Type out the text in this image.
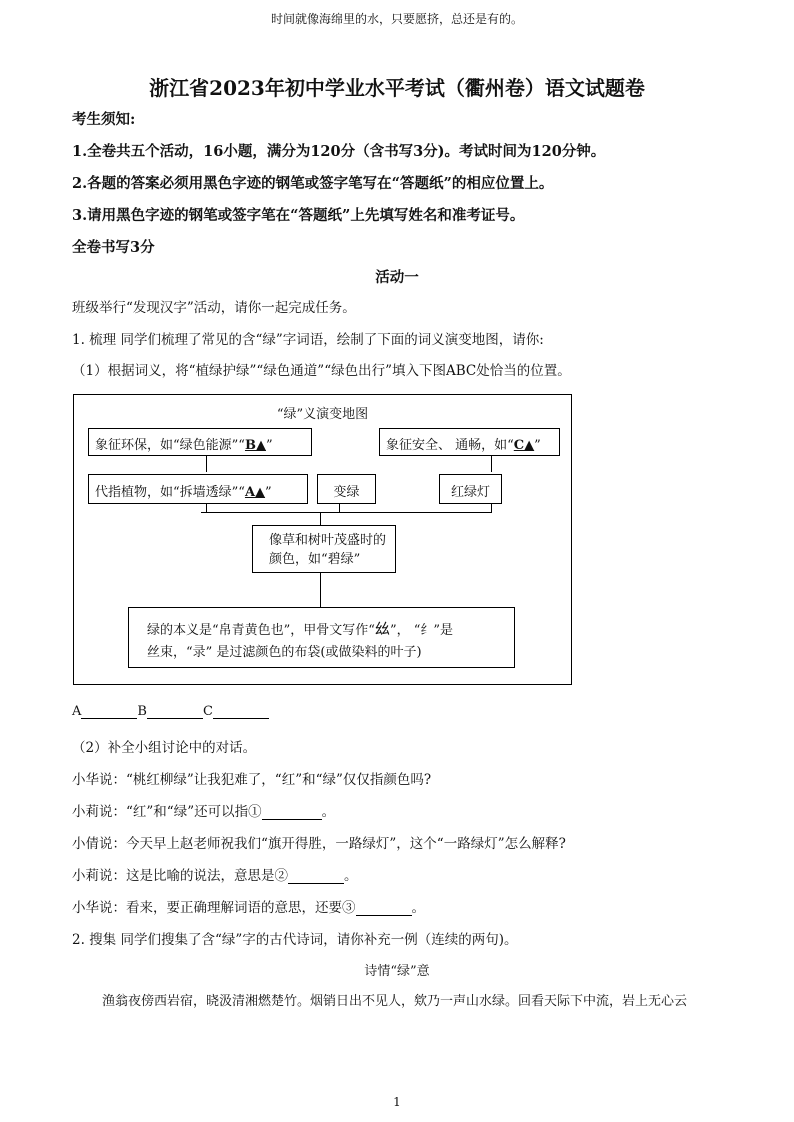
时间就像海绵里的水，只要愿挤，总还是有的。
浙江省2023年初中学业水平考试（衢州卷）语文试题卷
考生须知:
1.全卷共五个活动，16小题，满分为120分（含书写3分)。考试时间为120分钟。
2.各题的答案必须用黑色字迹的钢笔或签字笔写在“答题纸”的相应位置上。
3.请用黑色字迹的钢笔或签字笔在“答题纸”上先填写姓名和准考证号。
全卷书写3分
活动一
班级举行“发现汉字”活动，请你一起完成任务。
1. 梳理 同学们梳理了常见的含“绿”字词语，绘制了下面的词义演变地图，请你:
（1）根据词义，将“植绿护绿”“绿色通道”“绿色出行”填入下图ABC处恰当的位置。
“绿”义演变地图
象征环保，如“绿色能源”“B▲”	象征安全、 通畅，如“C▲”
代指植物，如“拆墙透绿”“A▲”	变绿	红绿灯
像草和树叶茂盛时的
颜色，如“碧绿”
绿的本义是“帛青黄色也”，甲骨文写作“𢆶”， “纟”是
丝束，“录” 是过滤颜色的布袋(或做染料的叶子)
A	B	C
（2）补全小组讨论中的对话。
小华说：“桃红柳绿”让我犯难了，“红”和“绿”仅仅指颜色吗?
小莉说：“红”和“绿”还可以指①	。
小倩说：今天早上赵老师祝我们“旗开得胜，一路绿灯”，这个“一路绿灯”怎么解释?
小莉说：这是比喻的说法，意思是②	。
小华说：看来，要正确理解词语的意思，还要③	。
2. 搜集 同学们搜集了含“绿”字的古代诗词，请你补充一例（连续的两句)。
诗情“绿”意
渔翁夜傍西岩宿，晓汲清湘燃楚竹。烟销日出不见人，欸乃一声山水绿。回看天际下中流，岩上无心云
1
